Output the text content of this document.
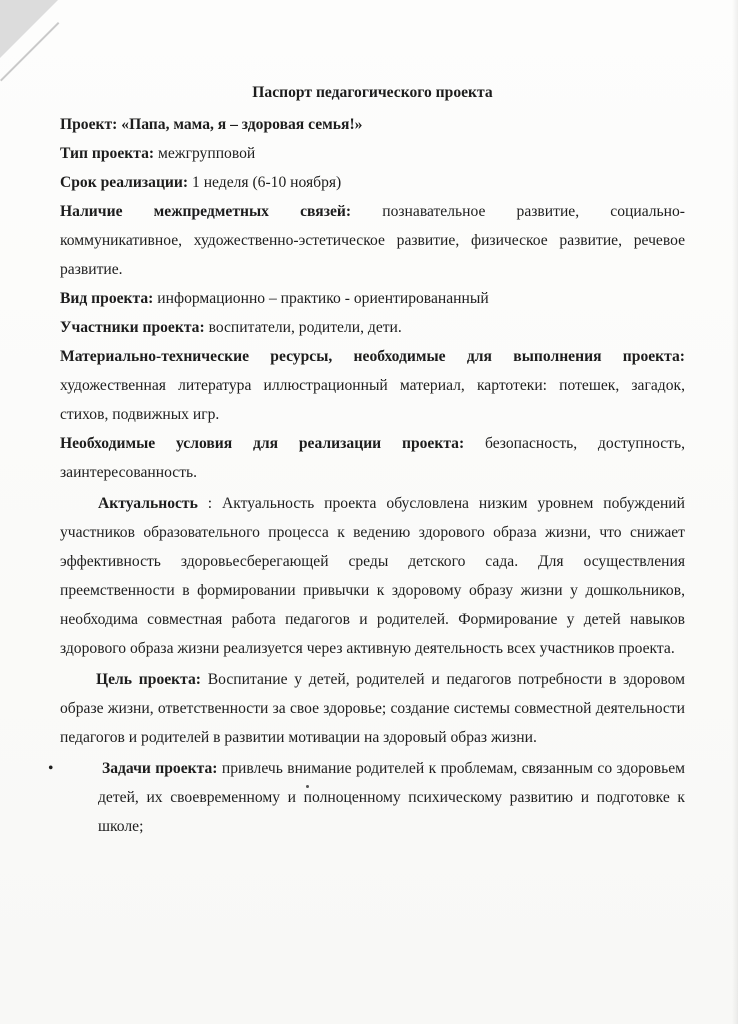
Паспорт педагогического проекта

Проект: «Папа, мама, я – здоровая семья!»

Тип проекта: межгрупповой

Срок реализации: 1 неделя (6-10 ноября)

Наличие межпредметных связей: познавательное развитие, социально-коммуникативное, художественно-эстетическое развитие, физическое развитие, речевое развитие.

Вид проекта: информационно – практико - ориентировананный

Участники проекта: воспитатели, родители, дети.

Материально-технические ресурсы, необходимые для выполнения проекта: художественная литература иллюстрационный материал, картотеки: потешек, загадок, стихов, подвижных игр.

Необходимые условия для реализации проекта: безопасность, доступность, заинтересованность.

Актуальность : Актуальность проекта обусловлена низким уровнем побуждений участников образовательного процесса к ведению здорового образа жизни, что снижает эффективность здоровьесберегающей среды детского сада. Для осуществления преемственности в формировании привычки к здоровому образу жизни у дошкольников, необходима совместная работа педагогов и родителей. Формирование у детей навыков здорового образа жизни реализуется через активную деятельность всех участников проекта.

Цель проекта: Воспитание у детей, родителей и педагогов потребности в здоровом образе жизни, ответственности за свое здоровье; создание системы совместной деятельности педагогов и родителей в развитии мотивации на здоровый образ жизни.

•	Задачи проекта: привлечь внимание родителей к проблемам, связанным со здоровьем детей, их своевременному и полноценному психическому развитию и подготовке к школе;
